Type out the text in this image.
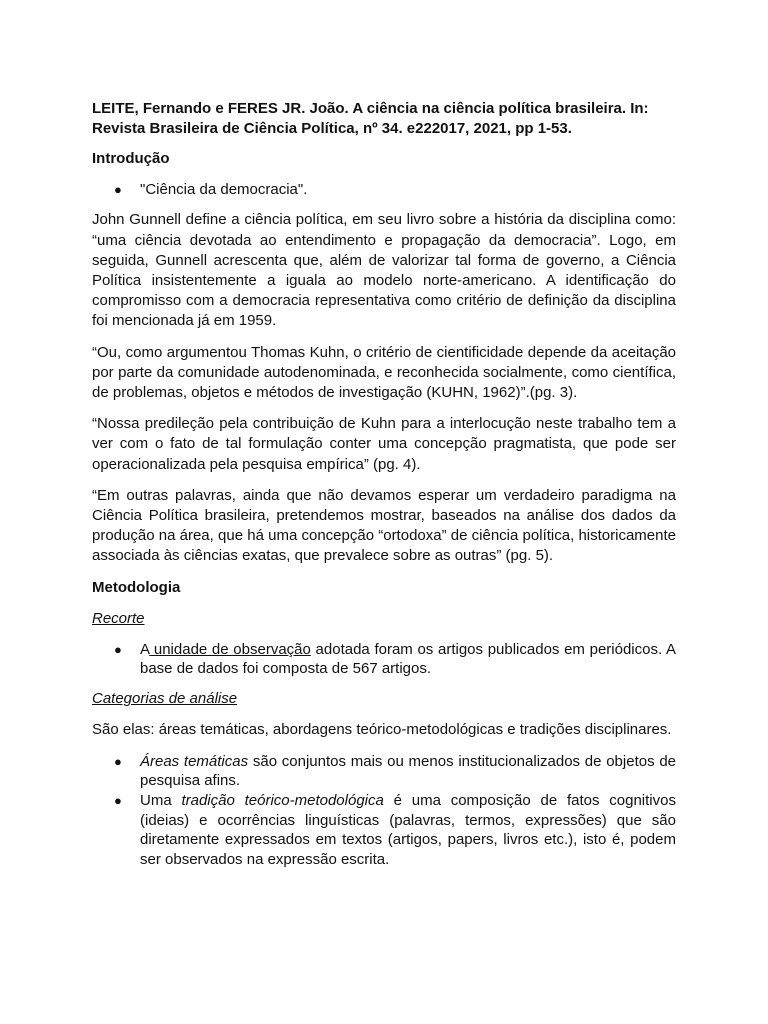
LEITE, Fernando e FERES JR. João. A ciência na ciência política brasileira. In: Revista Brasileira de Ciência Política, nº 34. e222017, 2021, pp 1-53.

Introdução

● "Ciência da democracia".

John Gunnell define a ciência política, em seu livro sobre a história da disciplina como: “uma ciência devotada ao entendimento e propagação da democracia”. Logo, em seguida, Gunnell acrescenta que, além de valorizar tal forma de governo, a Ciência Política insistentemente a iguala ao modelo norte-americano. A identificação do compromisso com a democracia representativa como critério de definição da disciplina foi mencionada já em 1959.

“Ou, como argumentou Thomas Kuhn, o critério de cientificidade depende da aceitação por parte da comunidade autodenominada, e reconhecida socialmente, como científica, de problemas, objetos e métodos de investigação (KUHN, 1962)”.(pg. 3).

“Nossa predileção pela contribuição de Kuhn para a interlocução neste trabalho tem a ver com o fato de tal formulação conter uma concepção pragmatista, que pode ser operacionalizada pela pesquisa empírica” (pg. 4).

“Em outras palavras, ainda que não devamos esperar um verdadeiro paradigma na Ciência Política brasileira, pretendemos mostrar, baseados na análise dos dados da produção na área, que há uma concepção “ortodoxa” de ciência política, historicamente associada às ciências exatas, que prevalece sobre as outras” (pg. 5).

Metodologia

Recorte

● A unidade de observação adotada foram os artigos publicados em periódicos. A base de dados foi composta de 567 artigos.

Categorias de análise

São elas: áreas temáticas, abordagens teórico-metodológicas e tradições disciplinares.

● Áreas temáticas são conjuntos mais ou menos institucionalizados de objetos de pesquisa afins.
● Uma tradição teórico-metodológica é uma composição de fatos cognitivos (ideias) e ocorrências linguísticas (palavras, termos, expressões) que são diretamente expressados em textos (artigos, papers, livros etc.), isto é, podem ser observados na expressão escrita.
